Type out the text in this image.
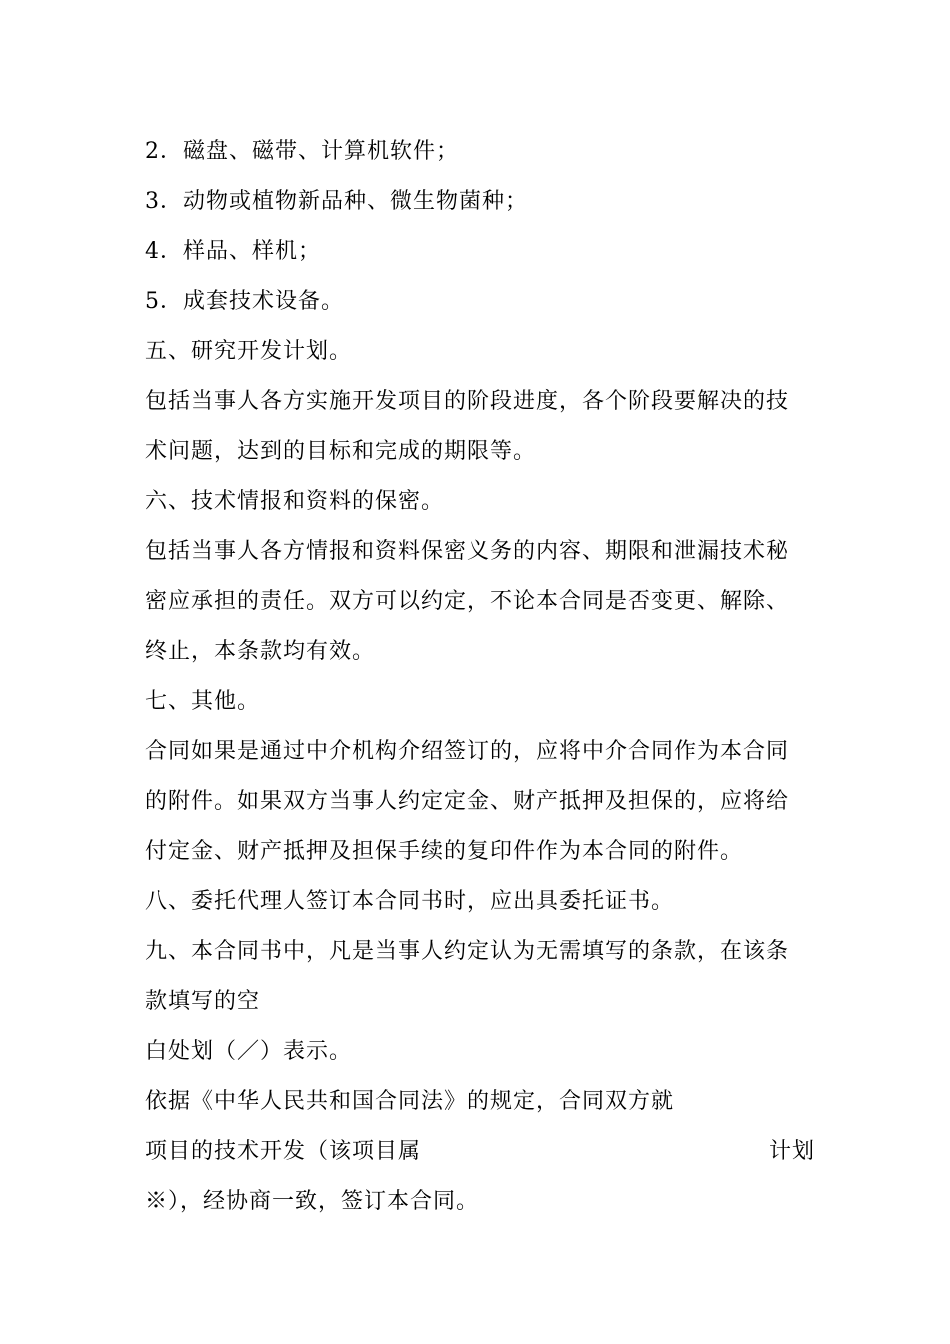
2．磁盘、磁带、计算机软件；
3．动物或植物新品种、微生物菌种；
4．样品、样机；
5．成套技术设备。
五、研究开发计划。
包括当事人各方实施开发项目的阶段进度，各个阶段要解决的技
术问题，达到的目标和完成的期限等。
六、技术情报和资料的保密。
包括当事人各方情报和资料保密义务的内容、期限和泄漏技术秘
密应承担的责任。双方可以约定，不论本合同是否变更、解除、
终止，本条款均有效。
七、其他。
合同如果是通过中介机构介绍签订的，应将中介合同作为本合同
的附件。如果双方当事人约定定金、财产抵押及担保的，应将给
付定金、财产抵押及担保手续的复印件作为本合同的附件。
八、委托代理人签订本合同书时，应出具委托证书。
九、本合同书中，凡是当事人约定认为无需填写的条款，在该条
款填写的空
白处划（／）表示。
依据《中华人民共和国合同法》的规定，合同双方就
项目的技术开发（该项目属	计划
※），经协商一致，签订本合同。
